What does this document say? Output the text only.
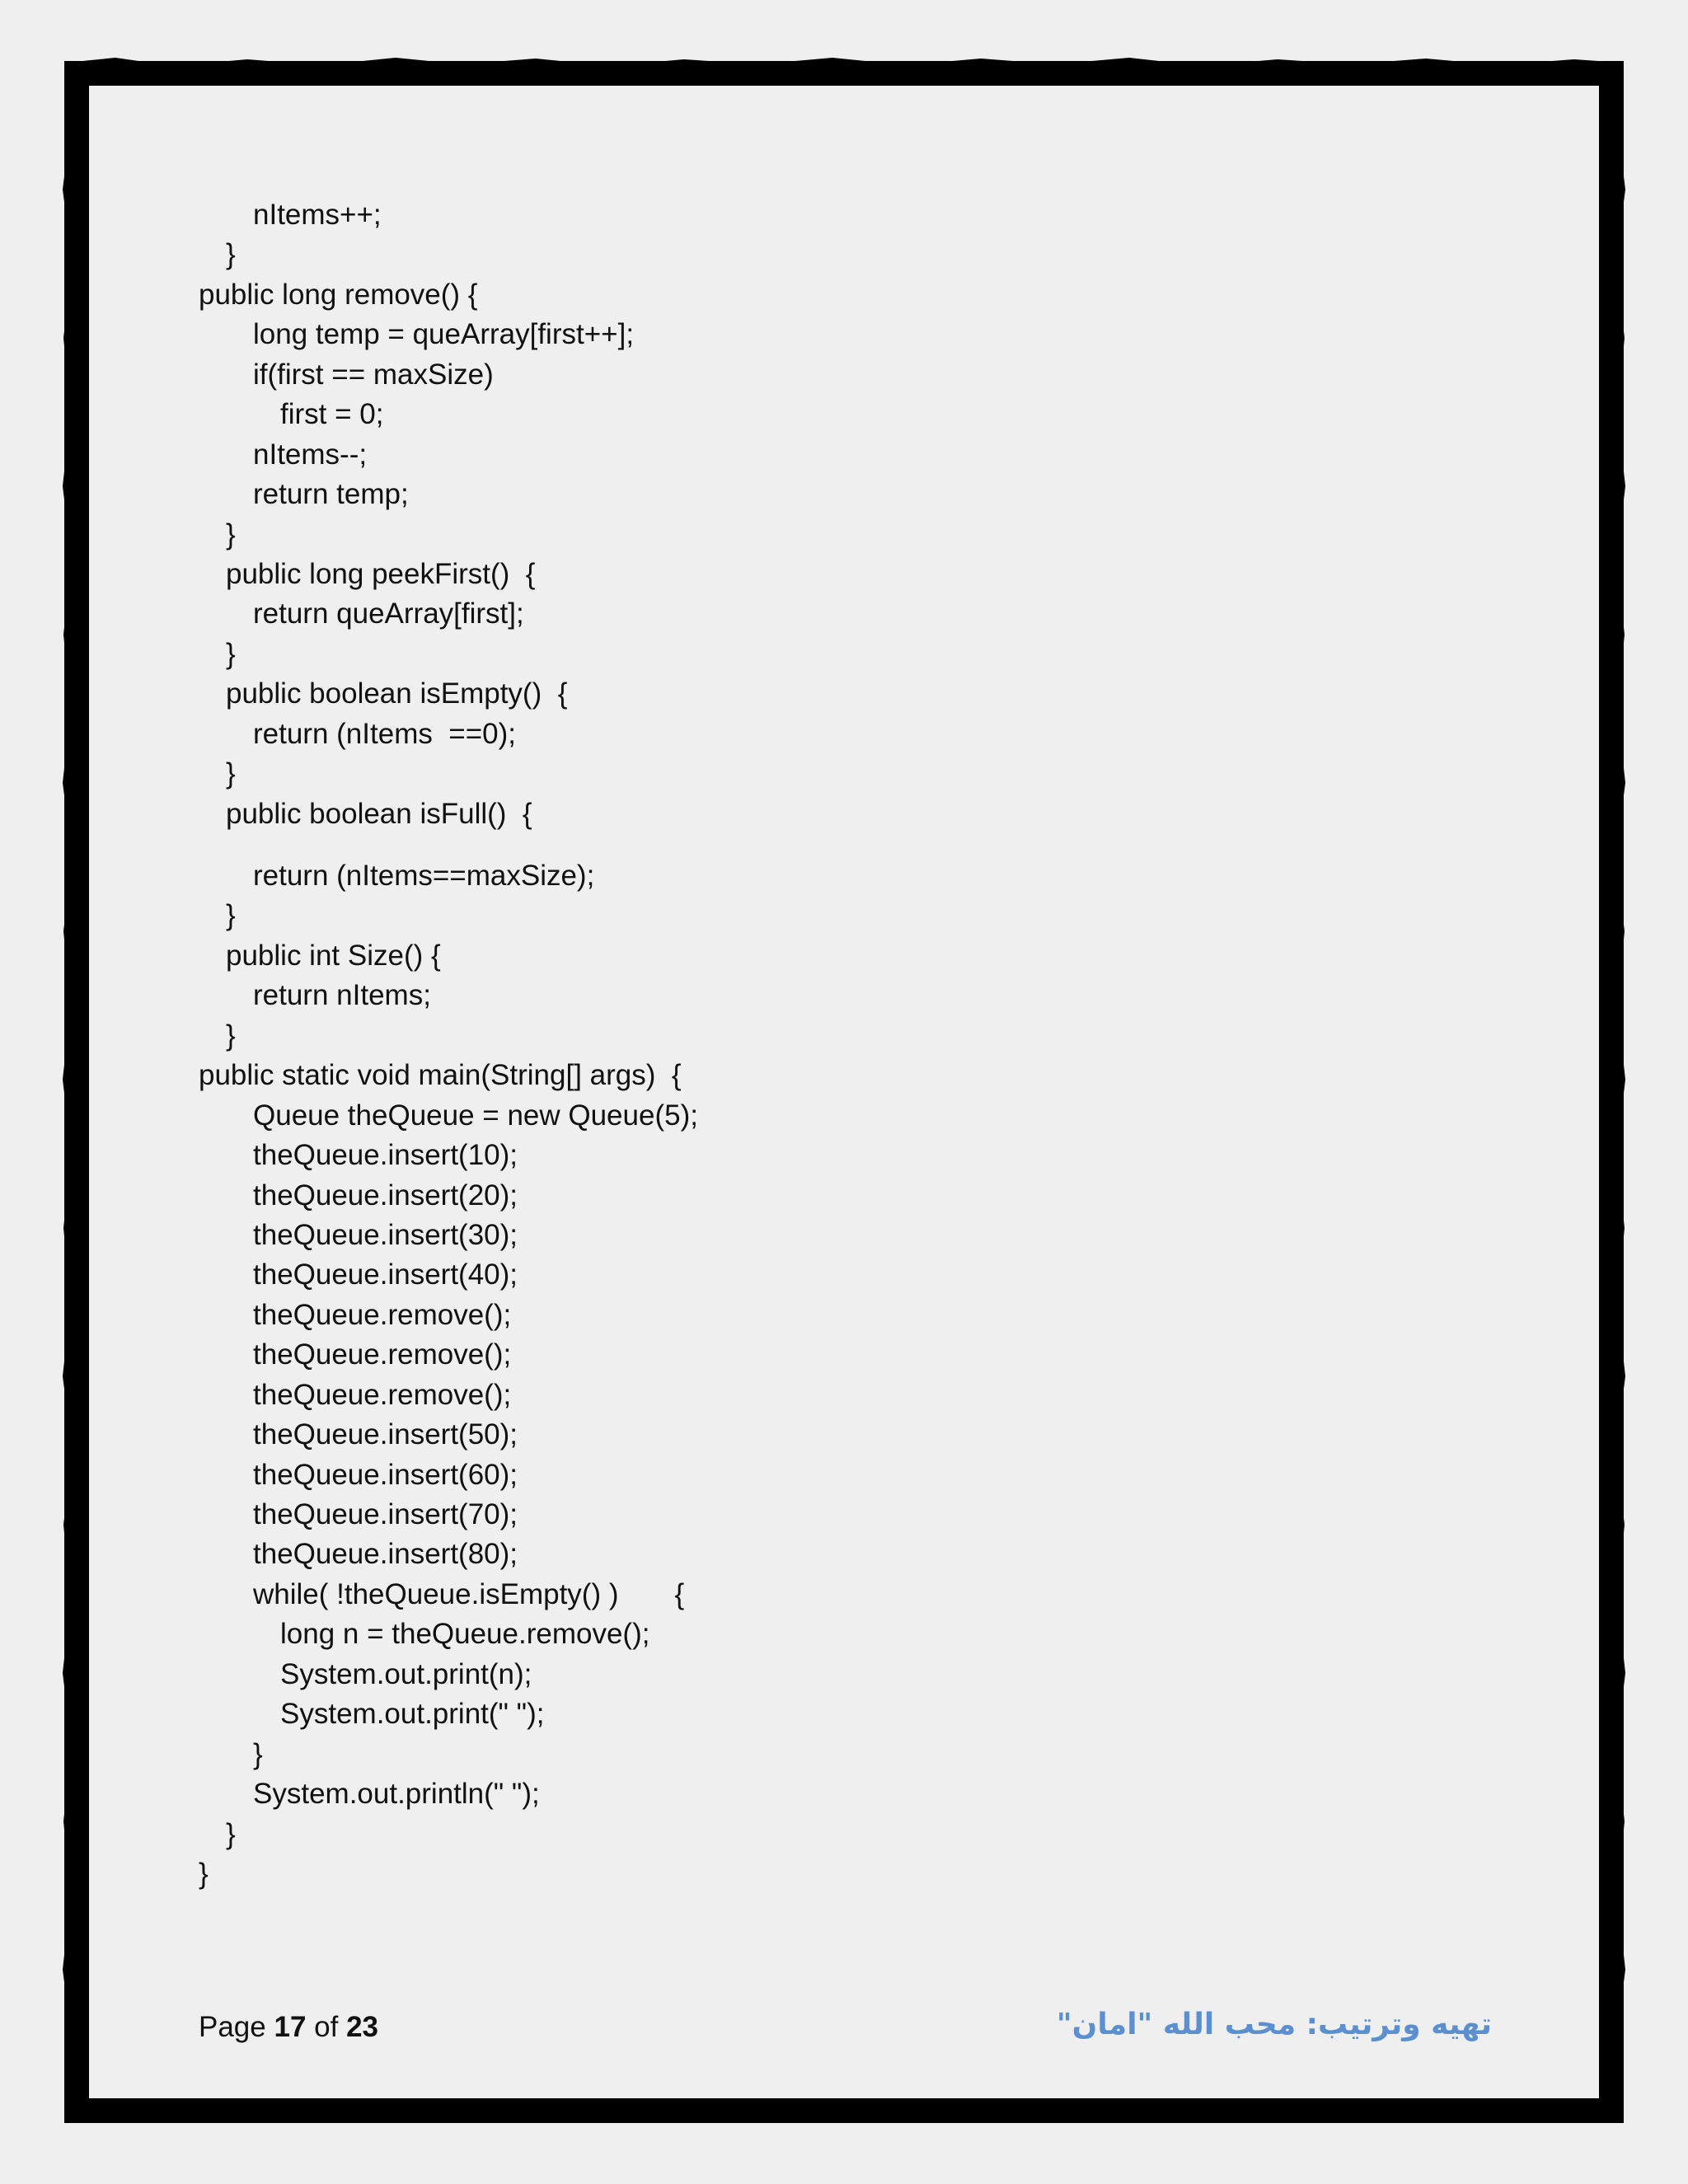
nItems++;
}
public long remove() {
long temp = queArray[first++];
if(first == maxSize)
first = 0;
nItems--;
return temp;
}
public long peekFirst()  {
return queArray[first];
}
public boolean isEmpty()  {
return (nItems  ==0);
}
public boolean isFull()  {
return (nItems==maxSize);
}
public int Size() {
return nItems;
}
public static void main(String[] args)  {
Queue theQueue = new Queue(5);
theQueue.insert(10);
theQueue.insert(20);
theQueue.insert(30);
theQueue.insert(40);
theQueue.remove();
theQueue.remove();
theQueue.remove();
theQueue.insert(50);
theQueue.insert(60);
theQueue.insert(70);
theQueue.insert(80);
while( !theQueue.isEmpty() )       {
long n = theQueue.remove();
System.out.print(n);
System.out.print(" ");
}
System.out.println(" ");
}
}
Page 17 of 23	تهيه وترتيب: محب الله "امان"
